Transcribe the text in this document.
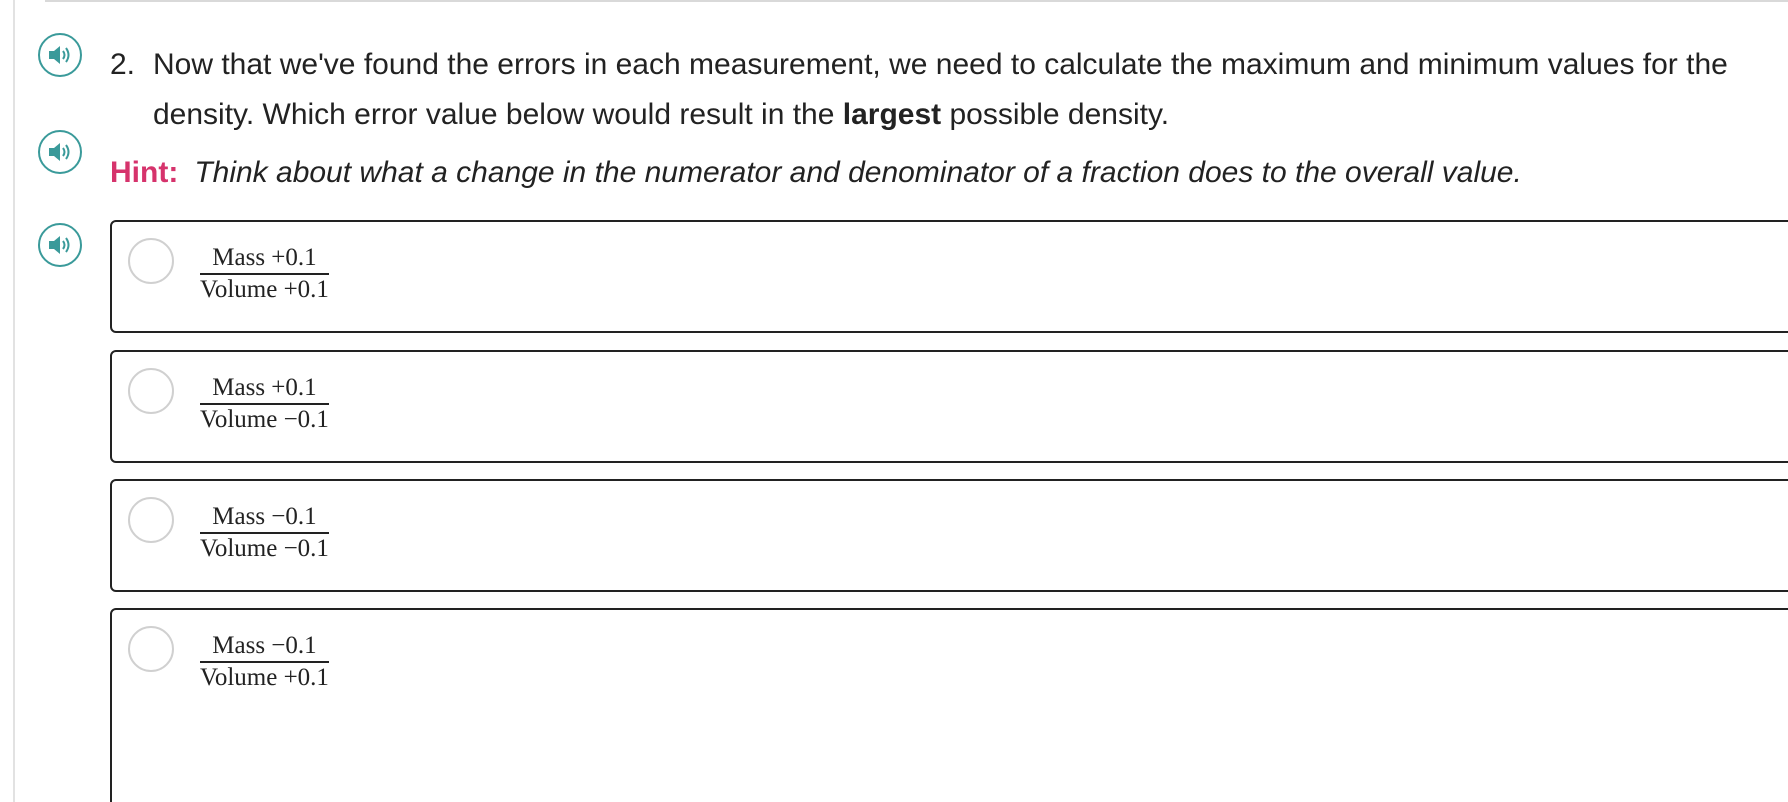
2. Now that we've found the errors in each measurement, we need to calculate the maximum and minimum values for the density. Which error value below would result in the largest possible density.
Hint: Think about what a change in the numerator and denominator of a fraction does to the overall value.
Mass +0.1
Volume +0.1
Mass +0.1
Volume −0.1
Mass −0.1
Volume −0.1
Mass −0.1
Volume +0.1
